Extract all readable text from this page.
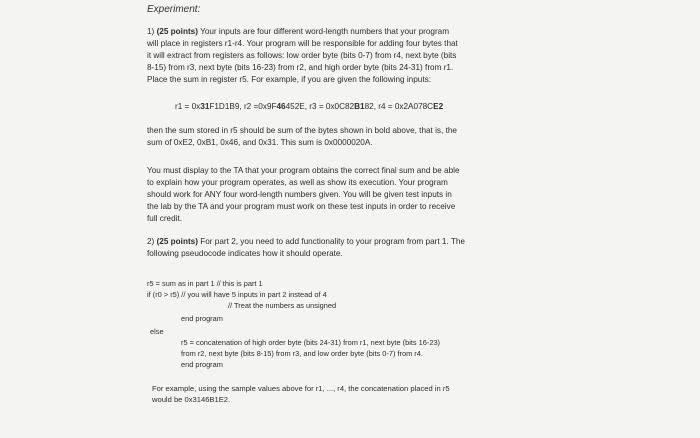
Experiment:
1) (25 points) Your inputs are four different word-length numbers that your program
will place in registers r1-r4. Your program will be responsible for adding four bytes that
it will extract from registers as follows: low order byte (bits 0-7) from r4, next byte (bits
8-15) from r3, next byte (bits 16-23) from r2, and high order byte (bits 24-31) from r1.
Place the sum in register r5. For example, if you are given the following inputs:
r1 = 0x31F1D1B9, r2 =0x9F46452E, r3 = 0x0C82B182, r4 = 0x2A078CE2
then the sum stored in r5 should be sum of the bytes shown in bold above, that is, the
sum of 0xE2, 0xB1, 0x46, and 0x31. This sum is 0x0000020A.
You must display to the TA that your program obtains the correct final sum and be able
to explain how your program operates, as well as show its execution. Your program
should work for ANY four word-length numbers given. You will be given test inputs in
the lab by the TA and your program must work on these test inputs in order to receive
full credit.
2) (25 points) For part 2, you need to add functionality to your program from part 1. The
following pseudocode indicates how it should operate.
r5 = sum as in part 1 // this is part 1
if (r0 > r5) // you will have 5 inputs in part 2 instead of 4
// Treat the numbers as unsigned
end program
else
r5 = concatenation of high order byte (bits 24-31) from r1, next byte (bits 16-23)
from r2, next byte (bits 8-15) from r3, and low order byte (bits 0-7) from r4.
end program
For example, using the sample values above for r1, ..., r4, the concatenation placed in r5
would be 0x3146B1E2.
